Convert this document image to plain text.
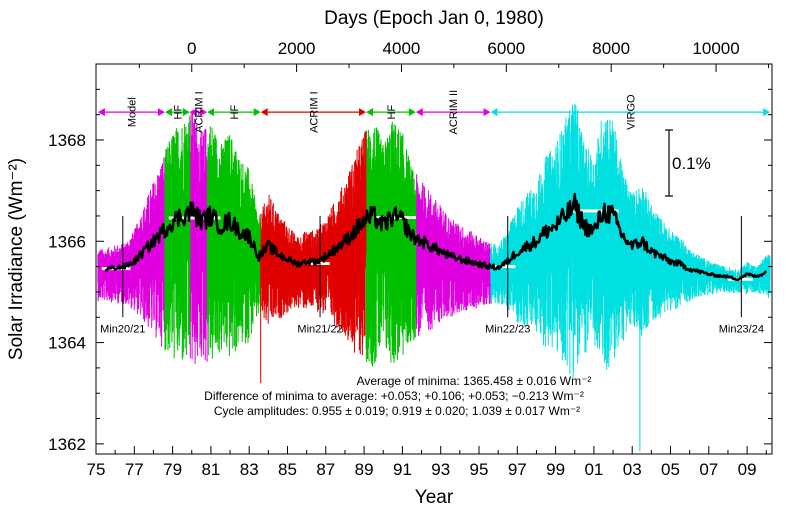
Model	HF ACRIM I HF	ACRIM I	HF	ACRIM II	VIRGO
Min20/21	Min21/22	Min22/23	Min23/24
75 77 79 81 83 85 87 89 91 93 95 97 99 01 03 05 07 09
1362
1364
1366
1368
0	2000	4000	6000	8000	10000
Year
Days (Epoch Jan 0, 1980)
Solar Irradiance (Wm⁻²)
Average of minima: 1365.458 ± 0.016 Wm⁻²
Difference of minima to average: +0.053; +0.106; +0.053; −0.213 Wm⁻²
Cycle amplitudes: 0.955 ± 0.019; 0.919 ± 0.020; 1.039 ± 0.017 Wm⁻²
0.1%
